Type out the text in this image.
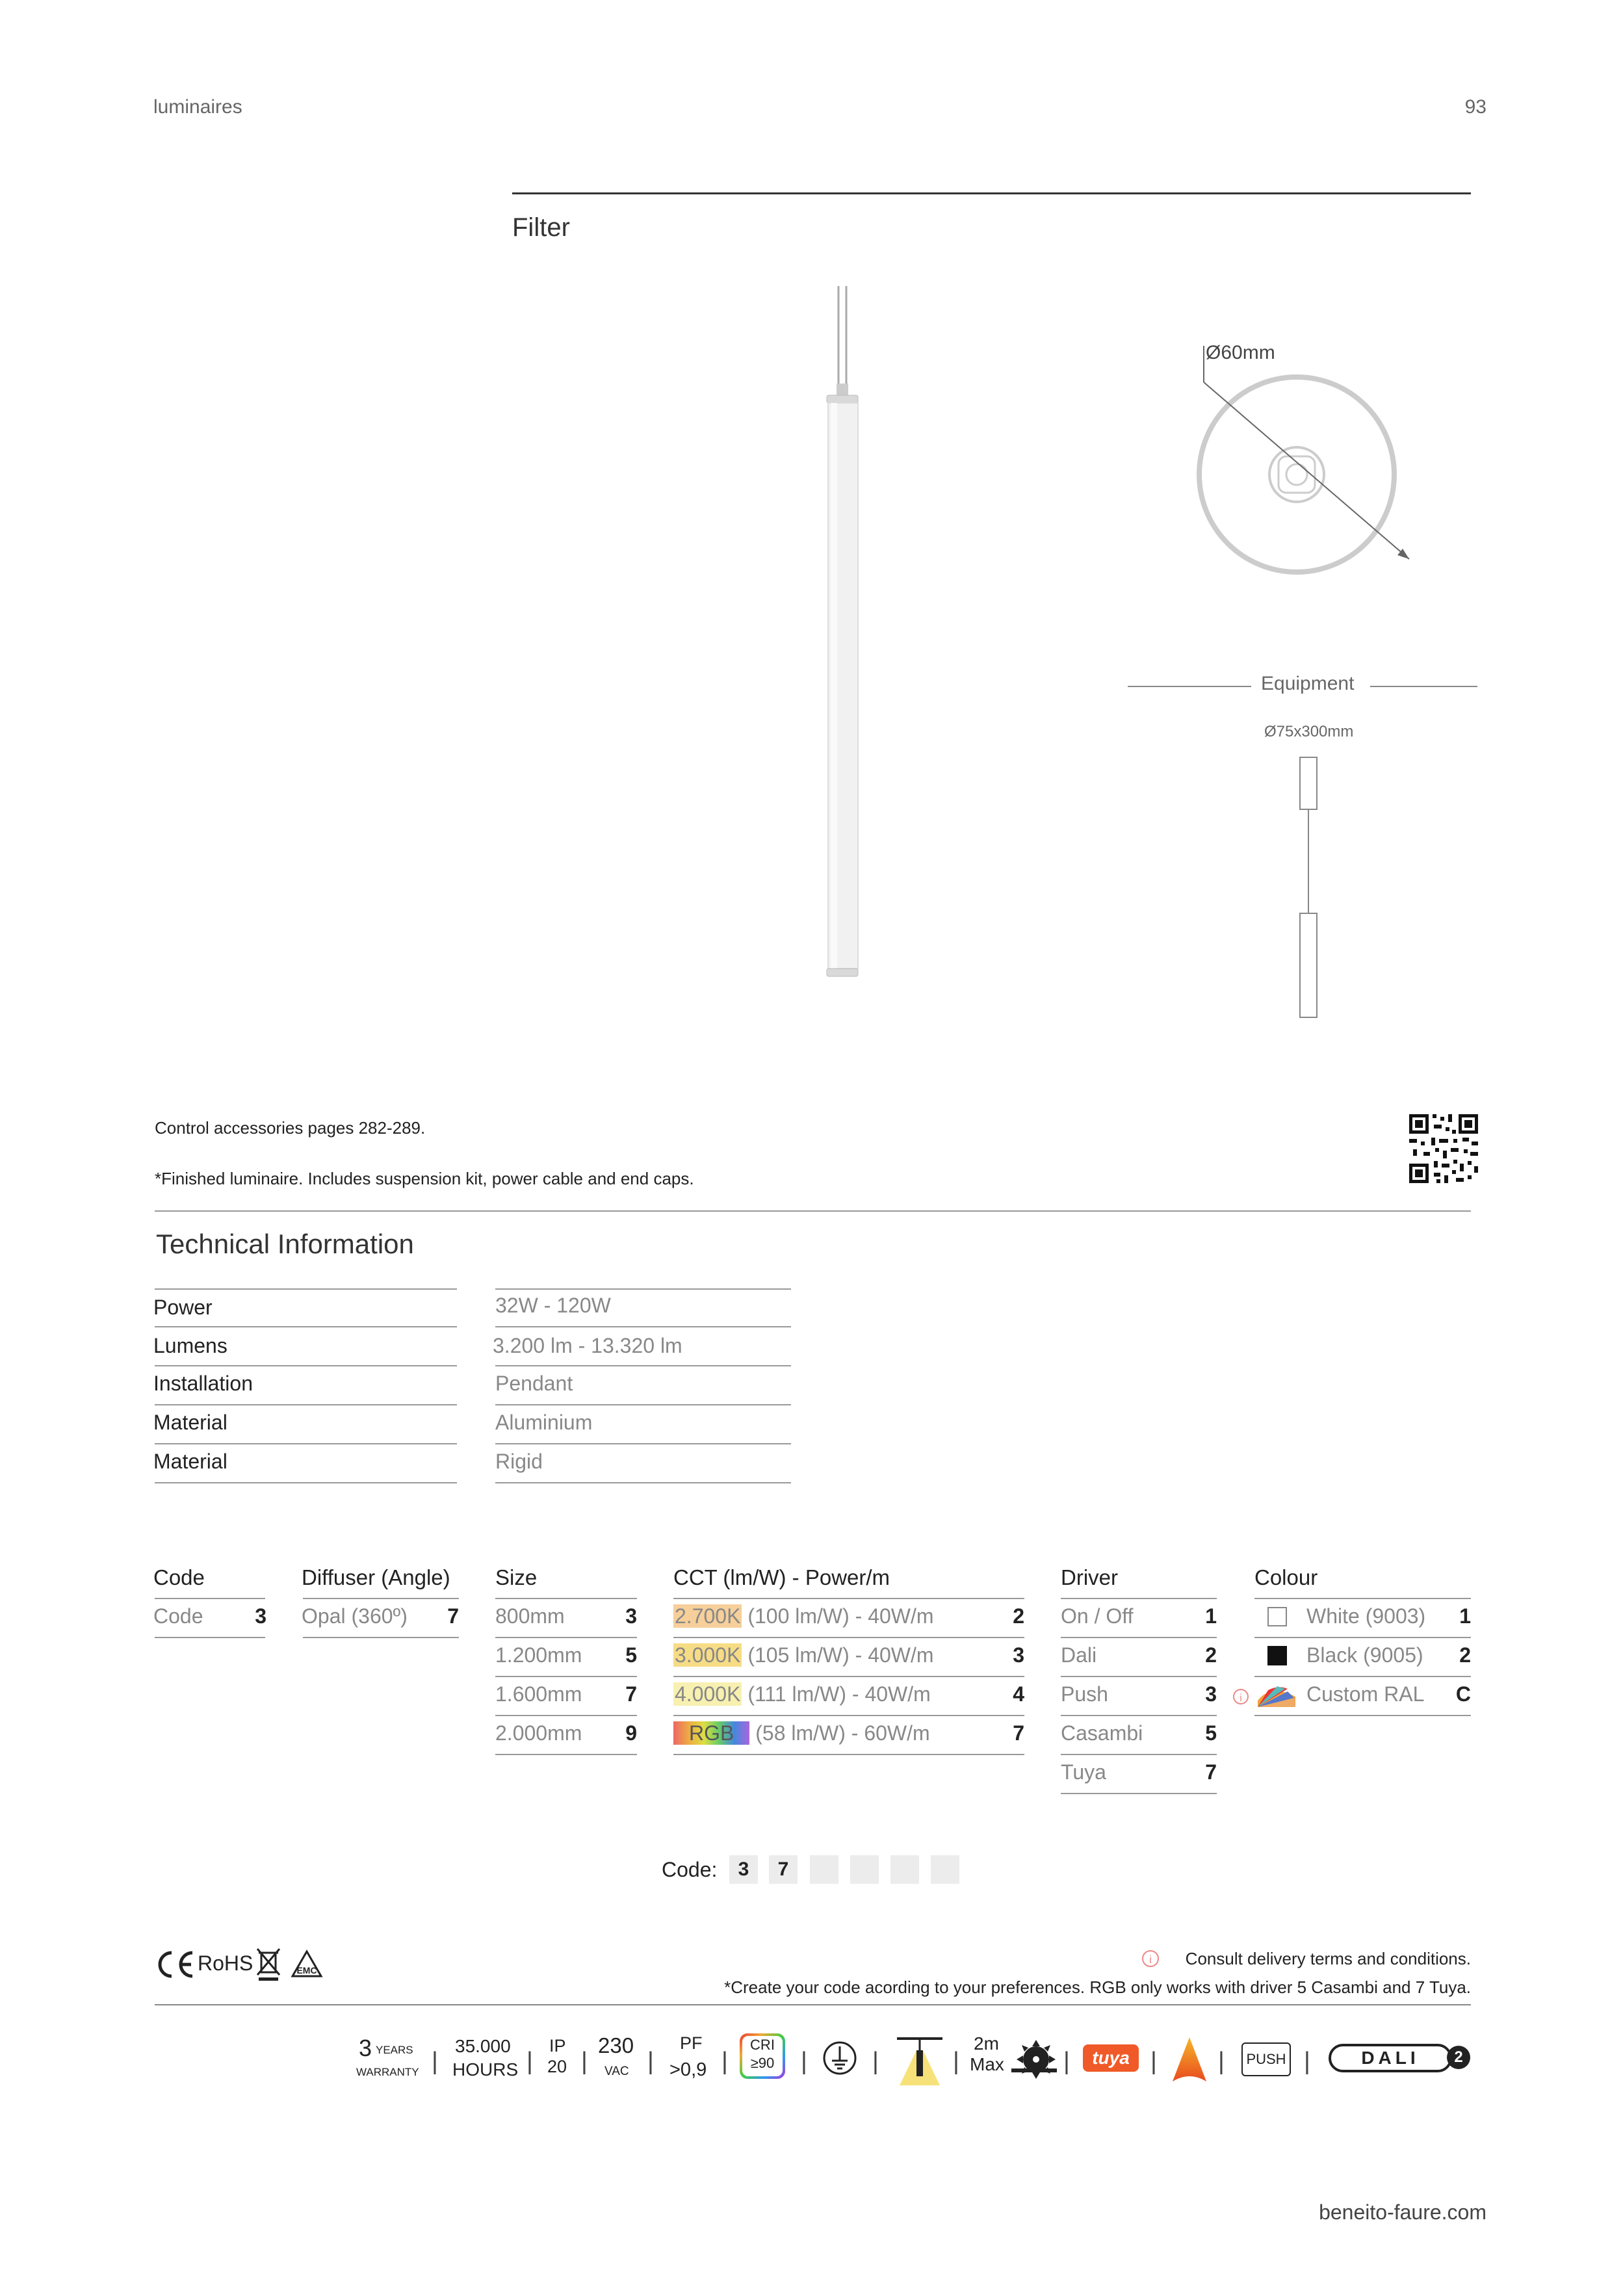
luminaires	93
Filter
Ø60mm
Equipment
Ø75x300mm
Control accessories pages 282-289.
*Finished luminaire. Includes suspension kit, power cable and end caps.
Technical Information
Power	32W - 120W
Lumens	3.200 lm - 13.320 lm
Installation	Pendant
Material	Aluminium
Material	Rigid
Code
Code	3
Diffuser (Angle)
Opal (360º)	7
Size
800mm	3
1.200mm	5
1.600mm	7
2.000mm	9
CCT (lm/W) - Power/m
2.700K (100 lm/W) - 40W/m	2
3.000K (105 lm/W) - 40W/m	3
4.000K (111 lm/W) - 40W/m	4
RGB (58 lm/W) - 60W/m	7
Driver
On / Off	1
Dali	2
Push	3
Casambi	5
Tuya	7
Colour
White (9003)	1
Black (9005)	2
i	Custom RAL	C
Code:	3	7
RoHS	EMC
i Consult delivery terms and conditions.
*Create your code acording to your preferences. RGB only works with driver 5 Casambi and 7 Tuya.
3 YEARS
WARRANTY |
35.000
HOURS |
IP
20 |
230
VAC |
PF
>0,9 |
CRI
≥90	|	|	|
2m
Max |	tuya | |	PUSH |	DALI	2
beneito-faure.com
